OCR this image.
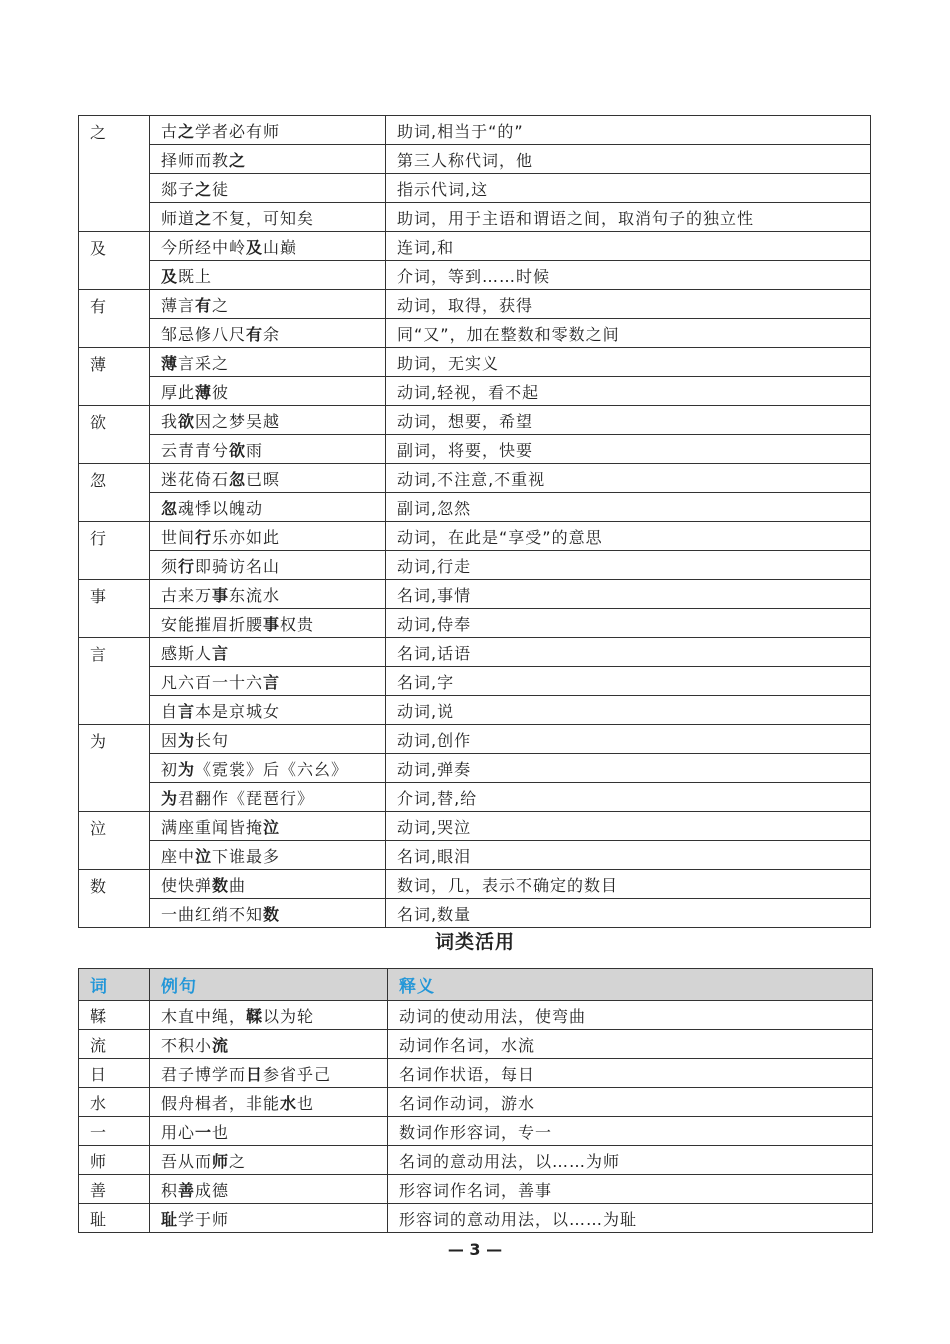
之	古之学者必有师	助词,相当于“的”
	择师而教之	第三人称代词，他
	郯子之徒	指示代词,这
	师道之不复，可知矣	助词，用于主语和谓语之间，取消句子的独立性
及	今所经中岭及山巅	连词,和
	及既上	介词，等到……时候
有	薄言有之	动词，取得，获得
	邹忌修八尺有余	同“又”，加在整数和零数之间
薄	薄言采之	助词，无实义
	厚此薄彼	动词,轻视，看不起
欲	我欲因之梦吴越	动词，想要，希望
	云青青兮欲雨	副词，将要，快要
忽	迷花倚石忽已暝	动词,不注意,不重视
	忽魂悸以魄动	副词,忽然
行	世间行乐亦如此	动词，在此是“享受”的意思
	须行即骑访名山	动词,行走
事	古来万事东流水	名词,事情
	安能摧眉折腰事权贵	动词,侍奉
言	感斯人言	名词,话语
	凡六百一十六言	名词,字
	自言本是京城女	动词,说
为	因为长句	动词,创作
	初为《霓裳》后《六幺》	动词,弹奏
	为君翻作《琵琶行》	介词,替,给
泣	满座重闻皆掩泣	动词,哭泣
	座中泣下谁最多	名词,眼泪
数	使快弹数曲	数词，几，表示不确定的数目
	一曲红绡不知数	名词,数量
词类活用
词	例句	释义
鞣	木直中绳，鞣以为轮	动词的使动用法，使弯曲
流	不积小流	动词作名词，水流
日	君子博学而日参省乎己	名词作状语，每日
水	假舟楫者，非能水也	名词作动词，游水
一	用心一也	数词作形容词，专一
师	吾从而师之	名词的意动用法，以……为师
善	积善成德	形容词作名词，善事
耻	耻学于师	形容词的意动用法，以……为耻
— 3 —
